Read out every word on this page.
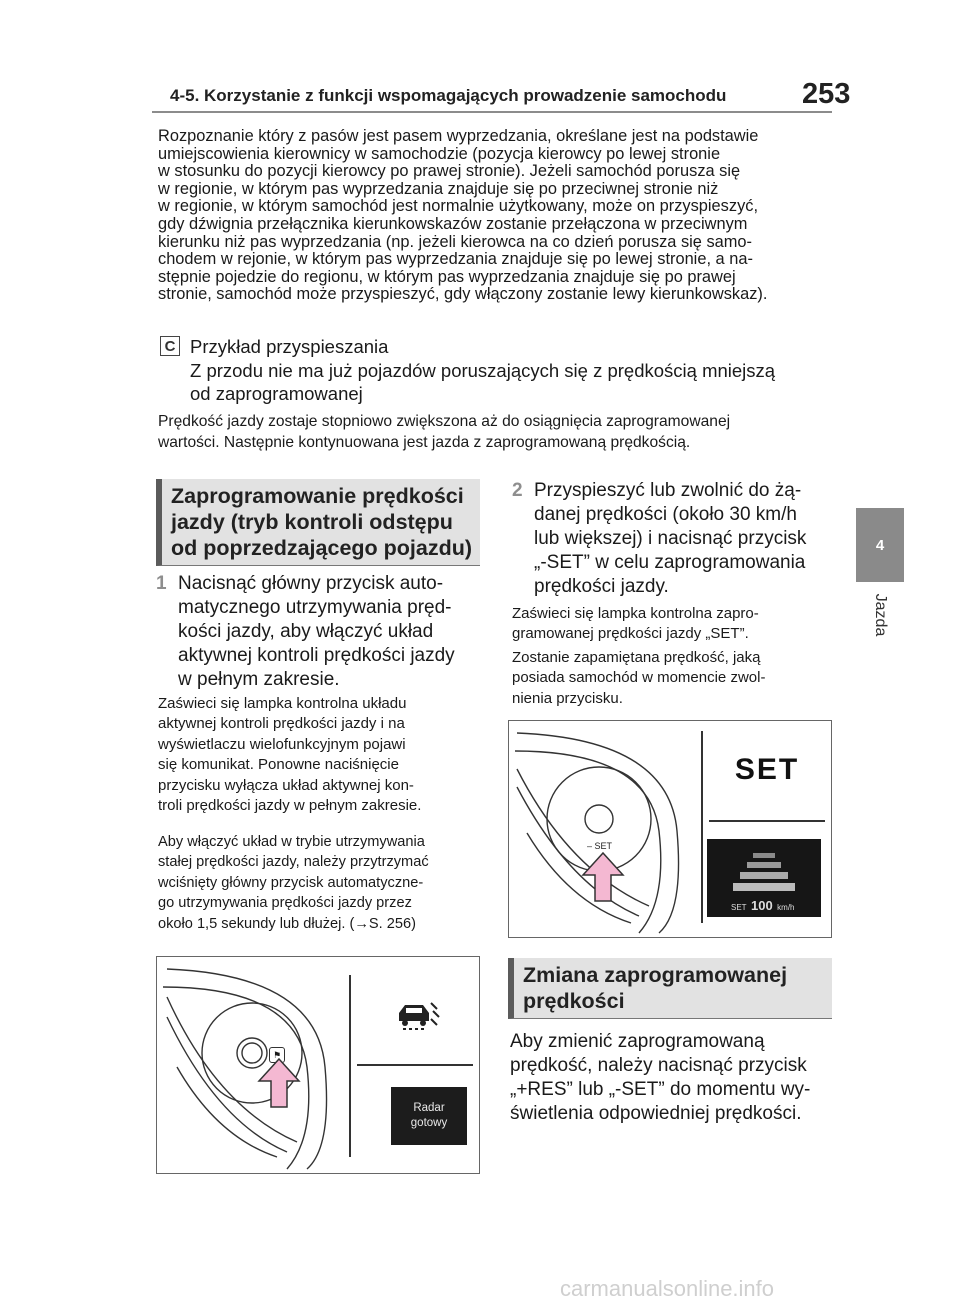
4-5. Korzystanie z funkcji wspomagających prowadzenie samochodu	253
4
Jazda
Rozpoznanie który z pasów jest pasem wyprzedzania, określane jest na podstawie
umiejscowienia kierownicy w samochodzie (pozycja kierowcy po lewej stronie
w stosunku do pozycji kierowcy po prawej stronie). Jeżeli samochód porusza się
w regionie, w którym pas wyprzedzania znajduje się po przeciwnej stronie niż
w regionie, w którym samochód jest normalnie użytkowany, może on przyspieszyć,
gdy dźwignia przełącznika kierunkowskazów zostanie przełączona w przeciwnym
kierunku niż pas wyprzedzania (np. jeżeli kierowca na co dzień porusza się samo-
chodem w rejonie, w którym pas wyprzedzania znajduje się po lewej stronie, a na-
stępnie pojedzie do regionu, w którym pas wyprzedzania znajduje się po prawej
stronie, samochód może przyspieszyć, gdy włączony zostanie lewy kierunkowskaz).
C Przykład przyspieszania
Z przodu nie ma już pojazdów poruszających się z prędkością mniejszą
od zaprogramowanej
Prędkość jazdy zostaje stopniowo zwiększona aż do osiągnięcia zaprogramowanej
wartości. Następnie kontynuowana jest jazda z zaprogramowaną prędkością.
Zaprogramowanie prędkości
jazdy (tryb kontroli odstępu
od poprzedzającego pojazdu)
1 Nacisnąć główny przycisk auto-
matycznego utrzymywania pręd-
kości jazdy, aby włączyć układ
aktywnej kontroli prędkości jazdy
w pełnym zakresie.
Zaświeci się lampka kontrolna układu
aktywnej kontroli prędkości jazdy i na
wyświetlaczu wielofunkcyjnym pojawi
się komunikat. Ponowne naciśnięcie
przycisku wyłącza układ aktywnej kon-
troli prędkości jazdy w pełnym zakresie.
Aby włączyć układ w trybie utrzymywania
stałej prędkości jazdy, należy przytrzymać
wciśnięty główny przycisk automatyczne-
go utrzymywania prędkości jazdy przez
około 1,5 sekundy lub dłużej. (→S. 256)
⚑
Radar
gotowy
2 Przyspieszyć lub zwolnić do żą-
danej prędkości (około 30 km/h
lub większej) i nacisnąć przycisk
„-SET” w celu zaprogramowania
prędkości jazdy.
Zaświeci się lampka kontrolna zapro-
gramowanej prędkości jazdy „SET”.
Zostanie zapamiętana prędkość, jaką
posiada samochód w momencie zwol-
nienia przycisku.
SET
– SET
SET 100 km/h
Zmiana zaprogramowanej
prędkości
Aby zmienić zaprogramowaną
prędkość, należy nacisnąć przycisk
„+RES” lub „-SET” do momentu wy-
świetlenia odpowiedniej prędkości.
carmanualsonline.info
